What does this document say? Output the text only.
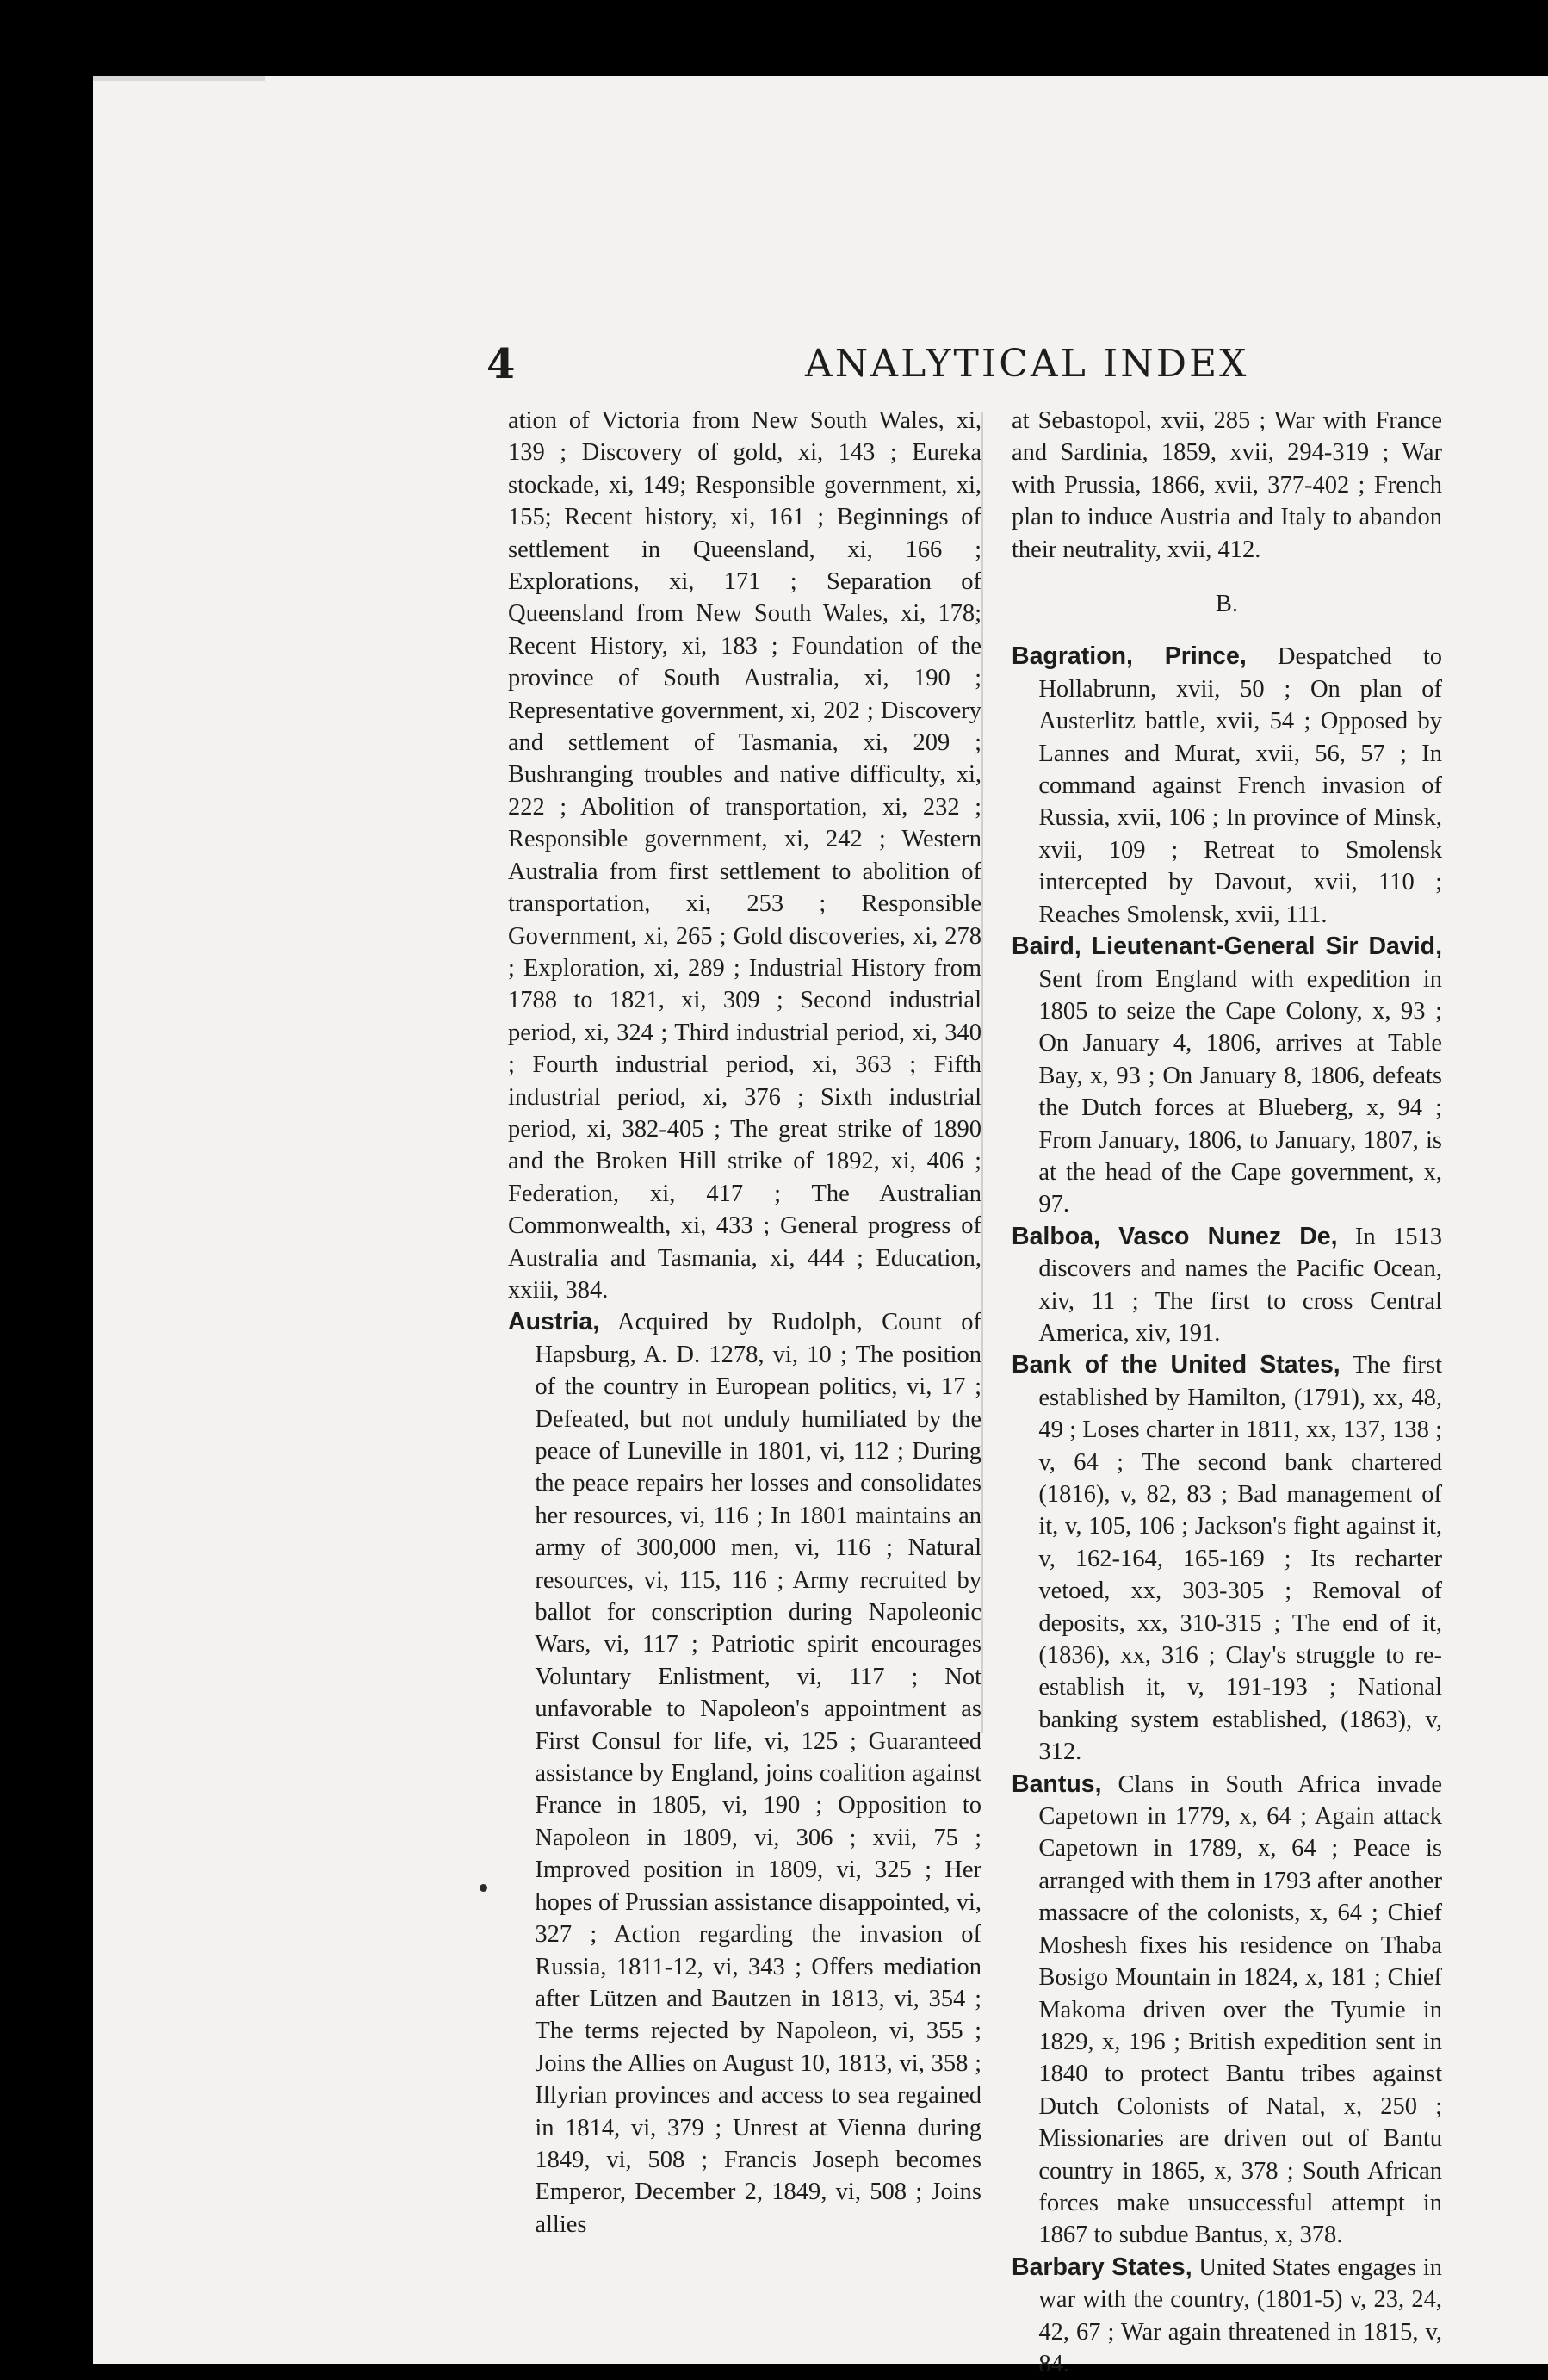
4	ANALYTICAL INDEX

ation of Victoria from New South Wales, xi, 139 ; Discovery of gold, xi, 143 ; Eureka stockade, xi, 149; Responsible government, xi, 155; Recent history, xi, 161 ; Beginnings of settlement in Queensland, xi, 166 ; Explorations, xi, 171 ; Separation of Queensland from New South Wales, xi, 178; Recent History, xi, 183 ; Foundation of the province of South Australia, xi, 190 ; Representative government, xi, 202 ; Discovery and settlement of Tasmania, xi, 209 ; Bushranging troubles and native difficulty, xi, 222 ; Abolition of transportation, xi, 232 ; Responsible government, xi, 242 ; Western Australia from first settlement to abolition of transportation, xi, 253 ; Responsible Government, xi, 265 ; Gold discoveries, xi, 278 ; Exploration, xi, 289 ; Industrial History from 1788 to 1821, xi, 309 ; Second industrial period, xi, 324 ; Third industrial period, xi, 340 ; Fourth industrial period, xi, 363 ; Fifth industrial period, xi, 376 ; Sixth industrial period, xi, 382-405 ; The great strike of 1890 and the Broken Hill strike of 1892, xi, 406 ; Federation, xi, 417 ; The Australian Commonwealth, xi, 433 ; General progress of Australia and Tasmania, xi, 444 ; Education, xxiii, 384.

Austria, Acquired by Rudolph, Count of Hapsburg, A. D. 1278, vi, 10 ; The position of the country in European politics, vi, 17 ; Defeated, but not unduly humiliated by the peace of Luneville in 1801, vi, 112 ; During the peace repairs her losses and consolidates her resources, vi, 116 ; In 1801 maintains an army of 300,000 men, vi, 116 ; Natural resources, vi, 115, 116 ; Army recruited by ballot for conscription during Napoleonic Wars, vi, 117 ; Patriotic spirit encourages Voluntary Enlistment, vi, 117 ; Not unfavorable to Napoleon's appointment as First Consul for life, vi, 125 ; Guaranteed assistance by England, joins coalition against France in 1805, vi, 190 ; Opposition to Napoleon in 1809, vi, 306 ; xvii, 75 ; Improved position in 1809, vi, 325 ; Her hopes of Prussian assistance disappointed, vi, 327 ; Action regarding the invasion of Russia, 1811-12, vi, 343 ; Offers mediation after Lützen and Bautzen in 1813, vi, 354 ; The terms rejected by Napoleon, vi, 355 ; Joins the Allies on August 10, 1813, vi, 358 ; Illyrian provinces and access to sea regained in 1814, vi, 379 ; Unrest at Vienna during 1849, vi, 508 ; Francis Joseph becomes Emperor, December 2, 1849, vi, 508 ; Joins allies

at Sebastopol, xvii, 285 ; War with France and Sardinia, 1859, xvii, 294-319 ; War with Prussia, 1866, xvii, 377-402 ; French plan to induce Austria and Italy to abandon their neutrality, xvii, 412.

B.

Bagration, Prince, Despatched to Hollabrunn, xvii, 50 ; On plan of Austerlitz battle, xvii, 54 ; Opposed by Lannes and Murat, xvii, 56, 57 ; In command against French invasion of Russia, xvii, 106 ; In province of Minsk, xvii, 109 ; Retreat to Smolensk intercepted by Davout, xvii, 110 ; Reaches Smolensk, xvii, 111.

Baird, Lieutenant-General Sir David, Sent from England with expedition in 1805 to seize the Cape Colony, x, 93 ; On January 4, 1806, arrives at Table Bay, x, 93 ; On January 8, 1806, defeats the Dutch forces at Blueberg, x, 94 ; From January, 1806, to January, 1807, is at the head of the Cape government, x, 97.

Balboa, Vasco Nunez De, In 1513 discovers and names the Pacific Ocean, xiv, 11 ; The first to cross Central America, xiv, 191.

Bank of the United States, The first established by Hamilton, (1791), xx, 48, 49 ; Loses charter in 1811, xx, 137, 138 ; v, 64 ; The second bank chartered (1816), v, 82, 83 ; Bad management of it, v, 105, 106 ; Jackson's fight against it, v, 162-164, 165-169 ; Its recharter vetoed, xx, 303-305 ; Removal of deposits, xx, 310-315 ; The end of it, (1836), xx, 316 ; Clay's struggle to re-establish it, v, 191-193 ; National banking system established, (1863), v, 312.

Bantus, Clans in South Africa invade Capetown in 1779, x, 64 ; Again attack Capetown in 1789, x, 64 ; Peace is arranged with them in 1793 after another massacre of the colonists, x, 64 ; Chief Moshesh fixes his residence on Thaba Bosigo Mountain in 1824, x, 181 ; Chief Makoma driven over the Tyumie in 1829, x, 196 ; British expedition sent in 1840 to protect Bantu tribes against Dutch Colonists of Natal, x, 250 ; Missionaries are driven out of Bantu country in 1865, x, 378 ; South African forces make unsuccessful attempt in 1867 to subdue Bantus, x, 378.

Barbary States, United States engages in war with the country, (1801-5) v, 23, 24, 42, 67 ; War again threatened in 1815, v, 84.
